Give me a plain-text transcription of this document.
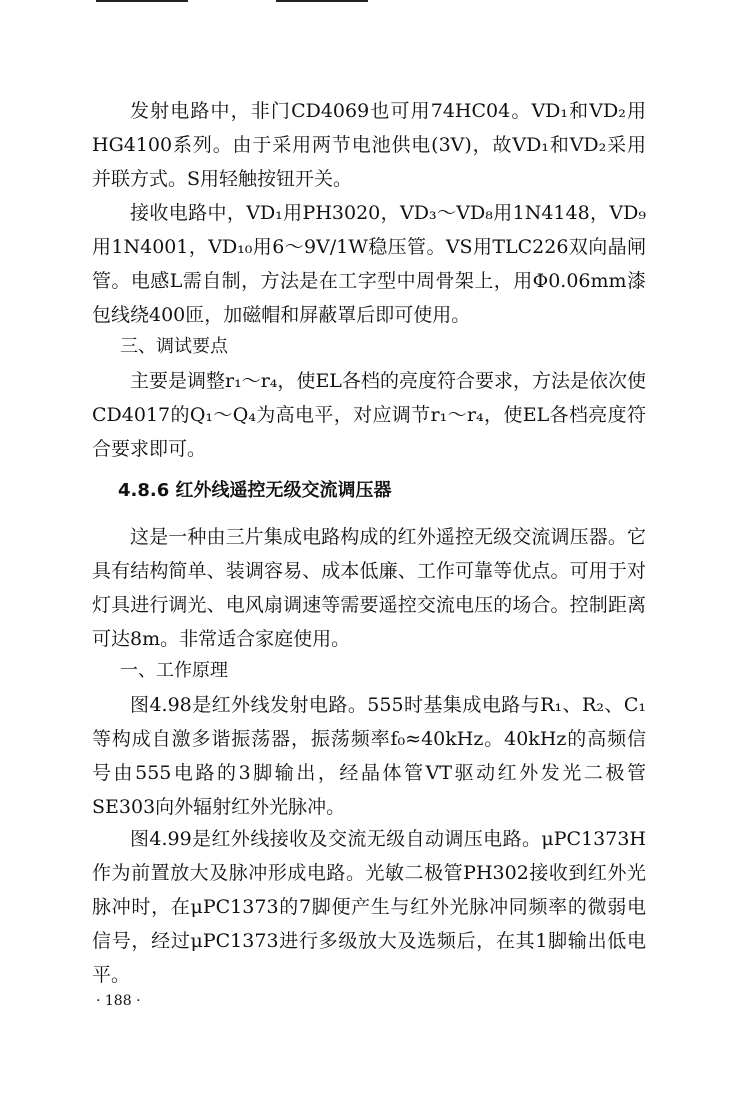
发射电路中，非门CD4069也可用74HC04。VD₁和VD₂用HG4100系列。由于采用两节电池供电(3V)，故VD₁和VD₂采用并联方式。S用轻触按钮开关。

接收电路中，VD₁用PH3020，VD₃～VD₈用1N4148，VD₉用1N4001，VD₁₀用6～9V/1W稳压管。VS用TLC226双向晶闸管。电感L需自制，方法是在工字型中周骨架上，用Φ0.06mm漆包线绕400匝，加磁帽和屏蔽罩后即可使用。

三、调试要点

主要是调整r₁～r₄，使EL各档的亮度符合要求，方法是依次使CD4017的Q₁～Q₄为高电平，对应调节r₁～r₄，使EL各档亮度符合要求即可。

4.8.6 红外线遥控无级交流调压器

这是一种由三片集成电路构成的红外遥控无级交流调压器。它具有结构简单、装调容易、成本低廉、工作可靠等优点。可用于对灯具进行调光、电风扇调速等需要遥控交流电压的场合。控制距离可达8m。非常适合家庭使用。

一、工作原理

图4.98是红外线发射电路。555时基集成电路与R₁、R₂、C₁等构成自激多谐振荡器，振荡频率f₀≈40kHz。40kHz的高频信号由555电路的3脚输出，经晶体管VT驱动红外发光二极管SE303向外辐射红外光脉冲。

图4.99是红外线接收及交流无级自动调压电路。μPC1373H作为前置放大及脉冲形成电路。光敏二极管PH302接收到红外光脉冲时，在μPC1373的7脚便产生与红外光脉冲同频率的微弱电信号，经过μPC1373进行多级放大及选频后，在其1脚输出低电平。

· 188 ·
